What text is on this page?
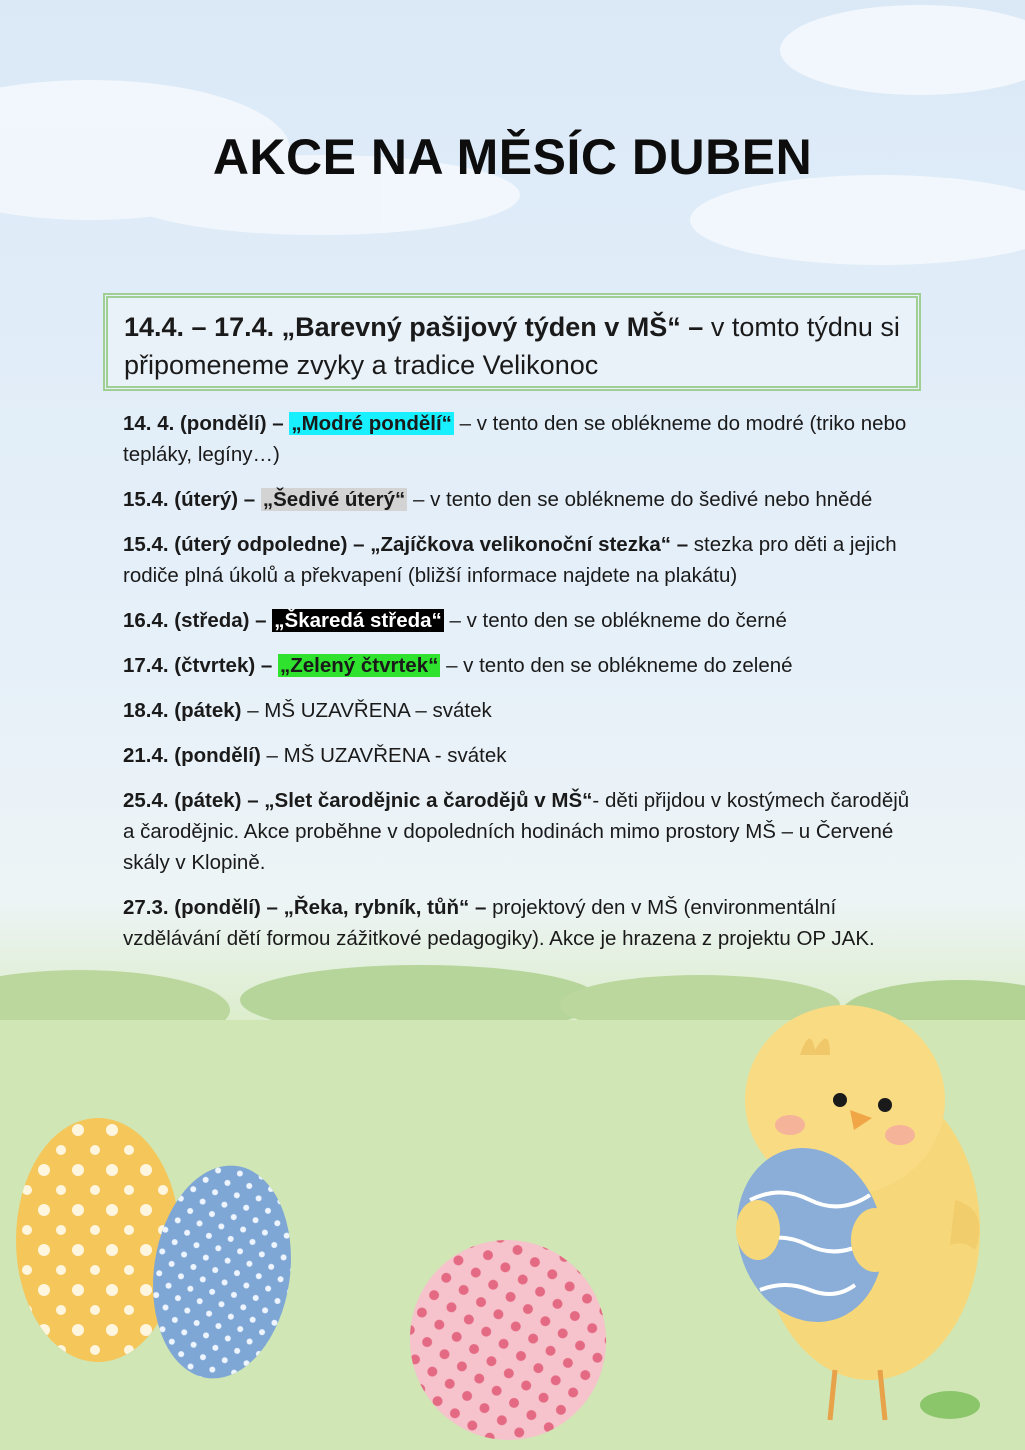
AKCE NA MĚSÍC DUBEN
14.4. – 17.4. „Barevný pašijový týden v MŠ“ – v tomto týdnu si připomeneme zvyky a tradice Velikonoc
14. 4. (pondělí) – „Modré pondělí“ – v tento den se oblékneme do modré (triko nebo tepláky, legíny…)
15.4. (úterý) – „Šedivé úterý“ – v tento den se oblékneme do šedivé nebo hnědé
15.4. (úterý odpoledne) – „Zajíčkova velikonoční stezka“ – stezka pro děti a jejich rodiče plná úkolů a překvapení (bližší informace najdete na plakátu)
16.4. (středa) – „Škaredá středa“ – v tento den se oblékneme do černé
17.4. (čtvrtek) – „Zelený čtvrtek“ – v tento den se oblékneme do zelené
18.4. (pátek) – MŠ UZAVŘENA – svátek
21.4. (pondělí) – MŠ UZAVŘENA - svátek
25.4. (pátek) – „Slet čarodějnic a čarodějů v MŠ“- děti přijdou v kostýmech čarodějů a čarodějnic. Akce proběhne v dopoledních hodinách mimo prostory MŠ – u Červené skály v Klopině.
27.3. (pondělí) – „Řeka, rybník, tůň“ – projektový den v MŠ (environmentální vzdělávání dětí formou zážitkové pedagogiky). Akce je hrazena z projektu OP JAK.
